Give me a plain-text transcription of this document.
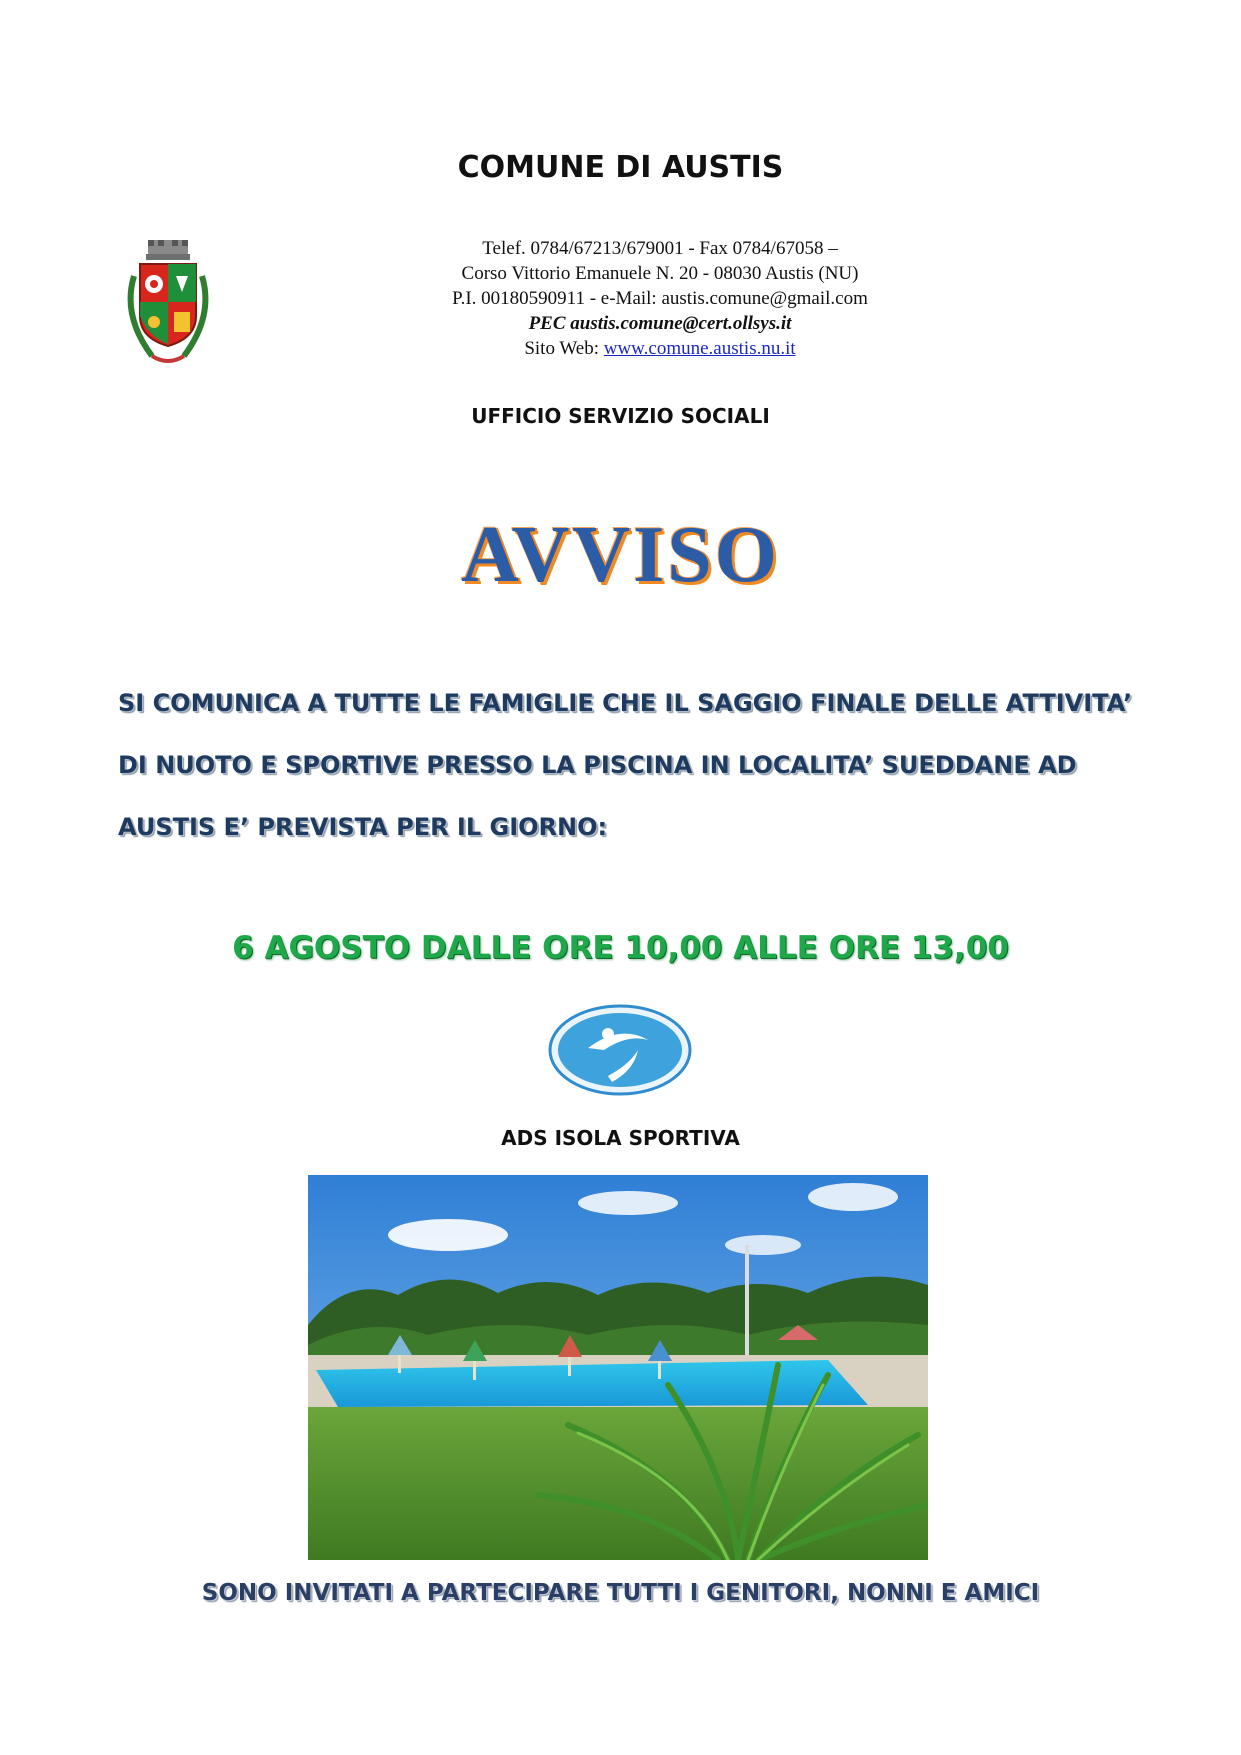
COMUNE DI AUSTIS
Telef. 0784/67213/679001 - Fax 0784/67058 –
Corso Vittorio Emanuele N. 20 - 08030 Austis (NU)
P.I. 00180590911 - e-Mail: austis.comune@gmail.com
PEC austis.comune@cert.ollsys.it
Sito Web: www.comune.austis.nu.it
UFFICIO SERVIZIO SOCIALI
AVVISO
SI COMUNICA A TUTTE LE FAMIGLIE CHE IL SAGGIO FINALE DELLE ATTIVITA’
DI NUOTO E SPORTIVE PRESSO LA PISCINA IN LOCALITA’ SUEDDANE AD
AUSTIS E’ PREVISTA PER IL GIORNO:
6 AGOSTO DALLE ORE 10,00 ALLE ORE 13,00
ADS ISOLA SPORTIVA
SONO INVITATI A PARTECIPARE TUTTI I GENITORI, NONNI E AMICI
